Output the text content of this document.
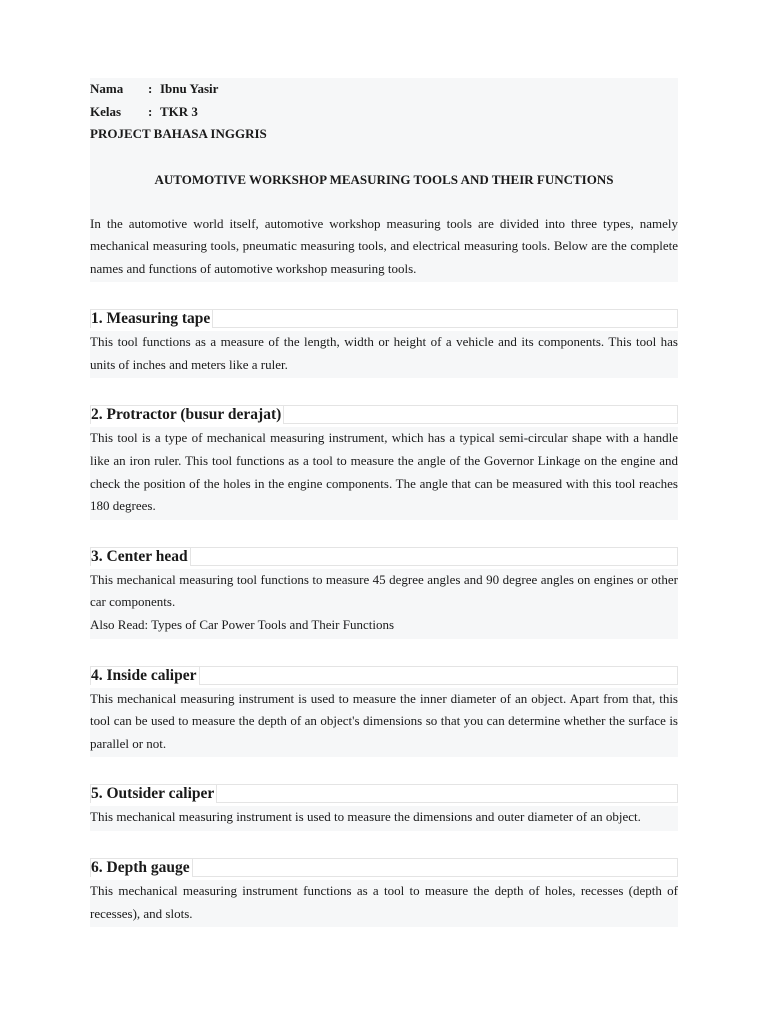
Nama : Ibnu Yasir
Kelas : TKR 3
PROJECT BAHASA INGGRIS
AUTOMOTIVE WORKSHOP MEASURING TOOLS AND THEIR FUNCTIONS
In the automotive world itself, automotive workshop measuring tools are divided into three types, namely mechanical measuring tools, pneumatic measuring tools, and electrical measuring tools. Below are the complete names and functions of automotive workshop measuring tools.
1. Measuring tape

This tool functions as a measure of the length, width or height of a vehicle and its components. This tool has units of inches and meters like a ruler.

2. Protractor (busur derajat)

This tool is a type of mechanical measuring instrument, which has a typical semi-circular shape with a handle like an iron ruler. This tool functions as a tool to measure the angle of the Governor Linkage on the engine and check the position of the holes in the engine components. The angle that can be measured with this tool reaches 180 degrees.

3. Center head

This mechanical measuring tool functions to measure 45 degree angles and 90 degree angles on engines or other car components.

Also Read: Types of Car Power Tools and Their Functions

4. Inside caliper

This mechanical measuring instrument is used to measure the inner diameter of an object. Apart from that, this tool can be used to measure the depth of an object's dimensions so that you can determine whether the surface is parallel or not.

5. Outsider caliper

This mechanical measuring instrument is used to measure the dimensions and outer diameter of an object.

6. Depth gauge

This mechanical measuring instrument functions as a tool to measure the depth of holes, recesses (depth of recesses), and slots.
